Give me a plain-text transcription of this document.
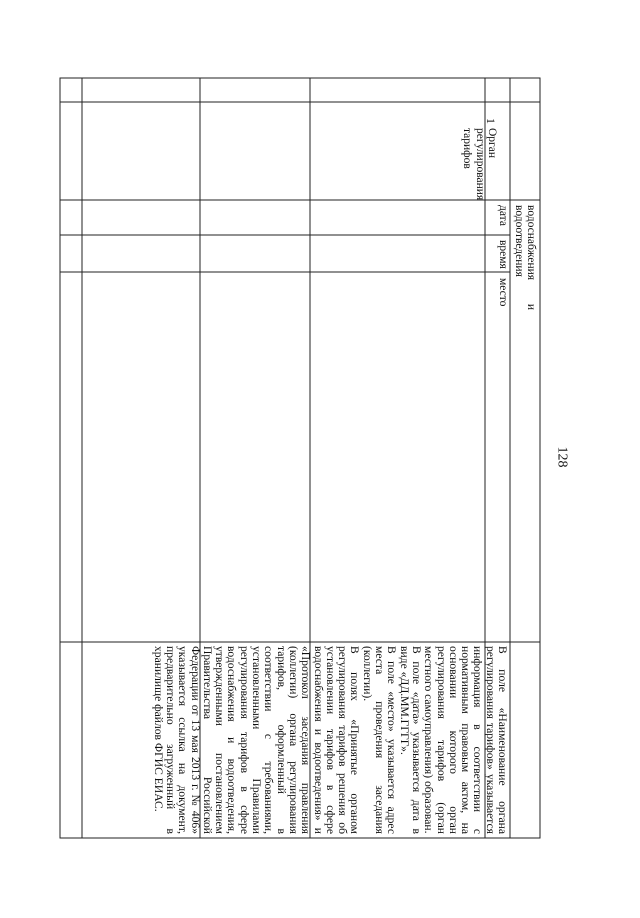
128
1

Орган регулирования тарифов

водоснабжения и водоотведения

дата
время
место

В поле «Наименование органа регулирования тарифов» указывается информация в соответствии с нормативным правовым актом, на основании которого орган регулирования тарифов (орган местного самоуправления) образован.

В поле «дата» указывается дата в виде «ДД.ММ.ГГГГ».

В поле «место» указывается адрес места проведения заседания (коллегии).

В полях «Принятые органом регулирования тарифов решения об установлении тарифов в сфере водоснабжения и водоотведения» и «Протокол заседания правления (коллегии) органа регулирования тарифов, оформленный в соответствии с требованиями, установленными Правилами регулирования тарифов в сфере водоснабжения и водоотведения, утвержденными постановлением Правительства Российской Федерации от 13 мая 2013 г. № 406» указывается ссылка на документ, предварительно загруженный в хранилище файлов ФГИС ЕИАС.
